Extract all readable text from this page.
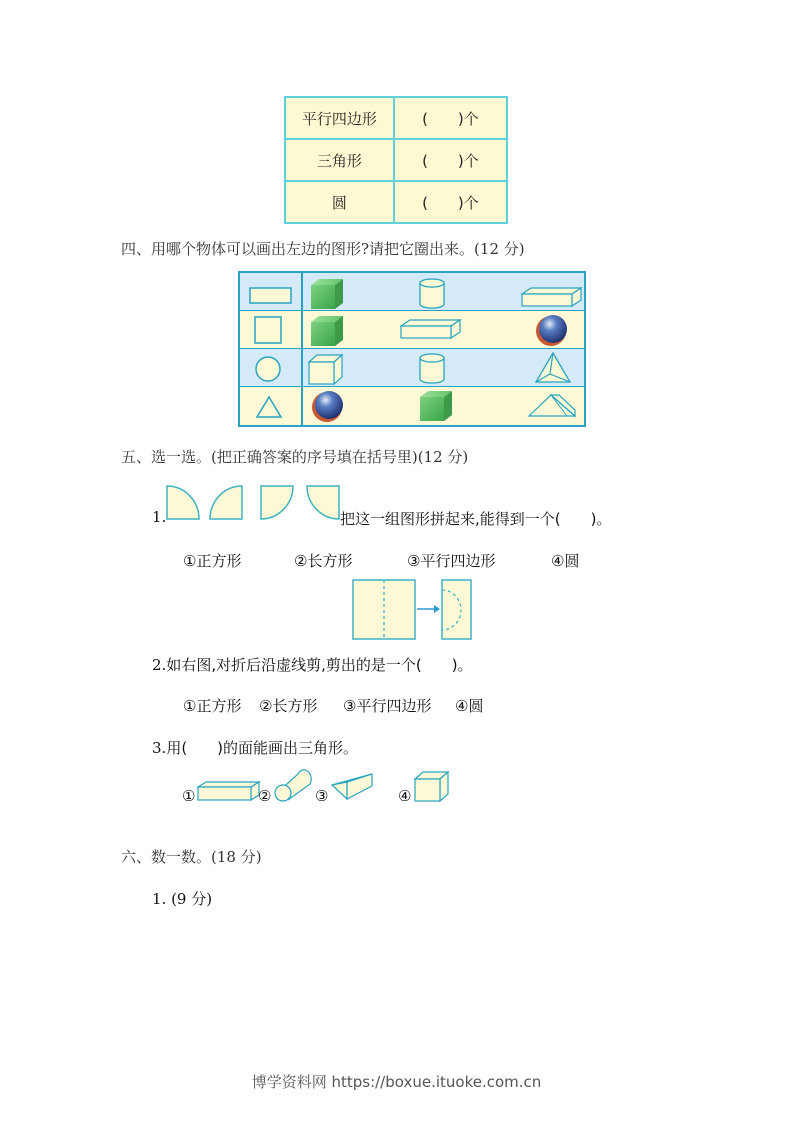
平行四边形	(　　)个
三角形	(　　)个
圆	(　　)个
四、用哪个物体可以画出左边的图形?请把它圈出来。(12 分)
五、选一选。(把正确答案的序号填在括号里)(12 分)
1.	把这一组图形拼起来,能得到一个(　　)。
①正方形	②长方形	③平行四边形	④圆
2.如右图,对折后沿虚线剪,剪出的是一个(　　)。
①正方形 ②长方形 ③平行四边形 ④圆
3.用(　　)的面能画出三角形。
①	②	③	④
六、数一数。(18 分)
1. (9 分)
博学资料网 https://boxue.ituoke.com.cn
